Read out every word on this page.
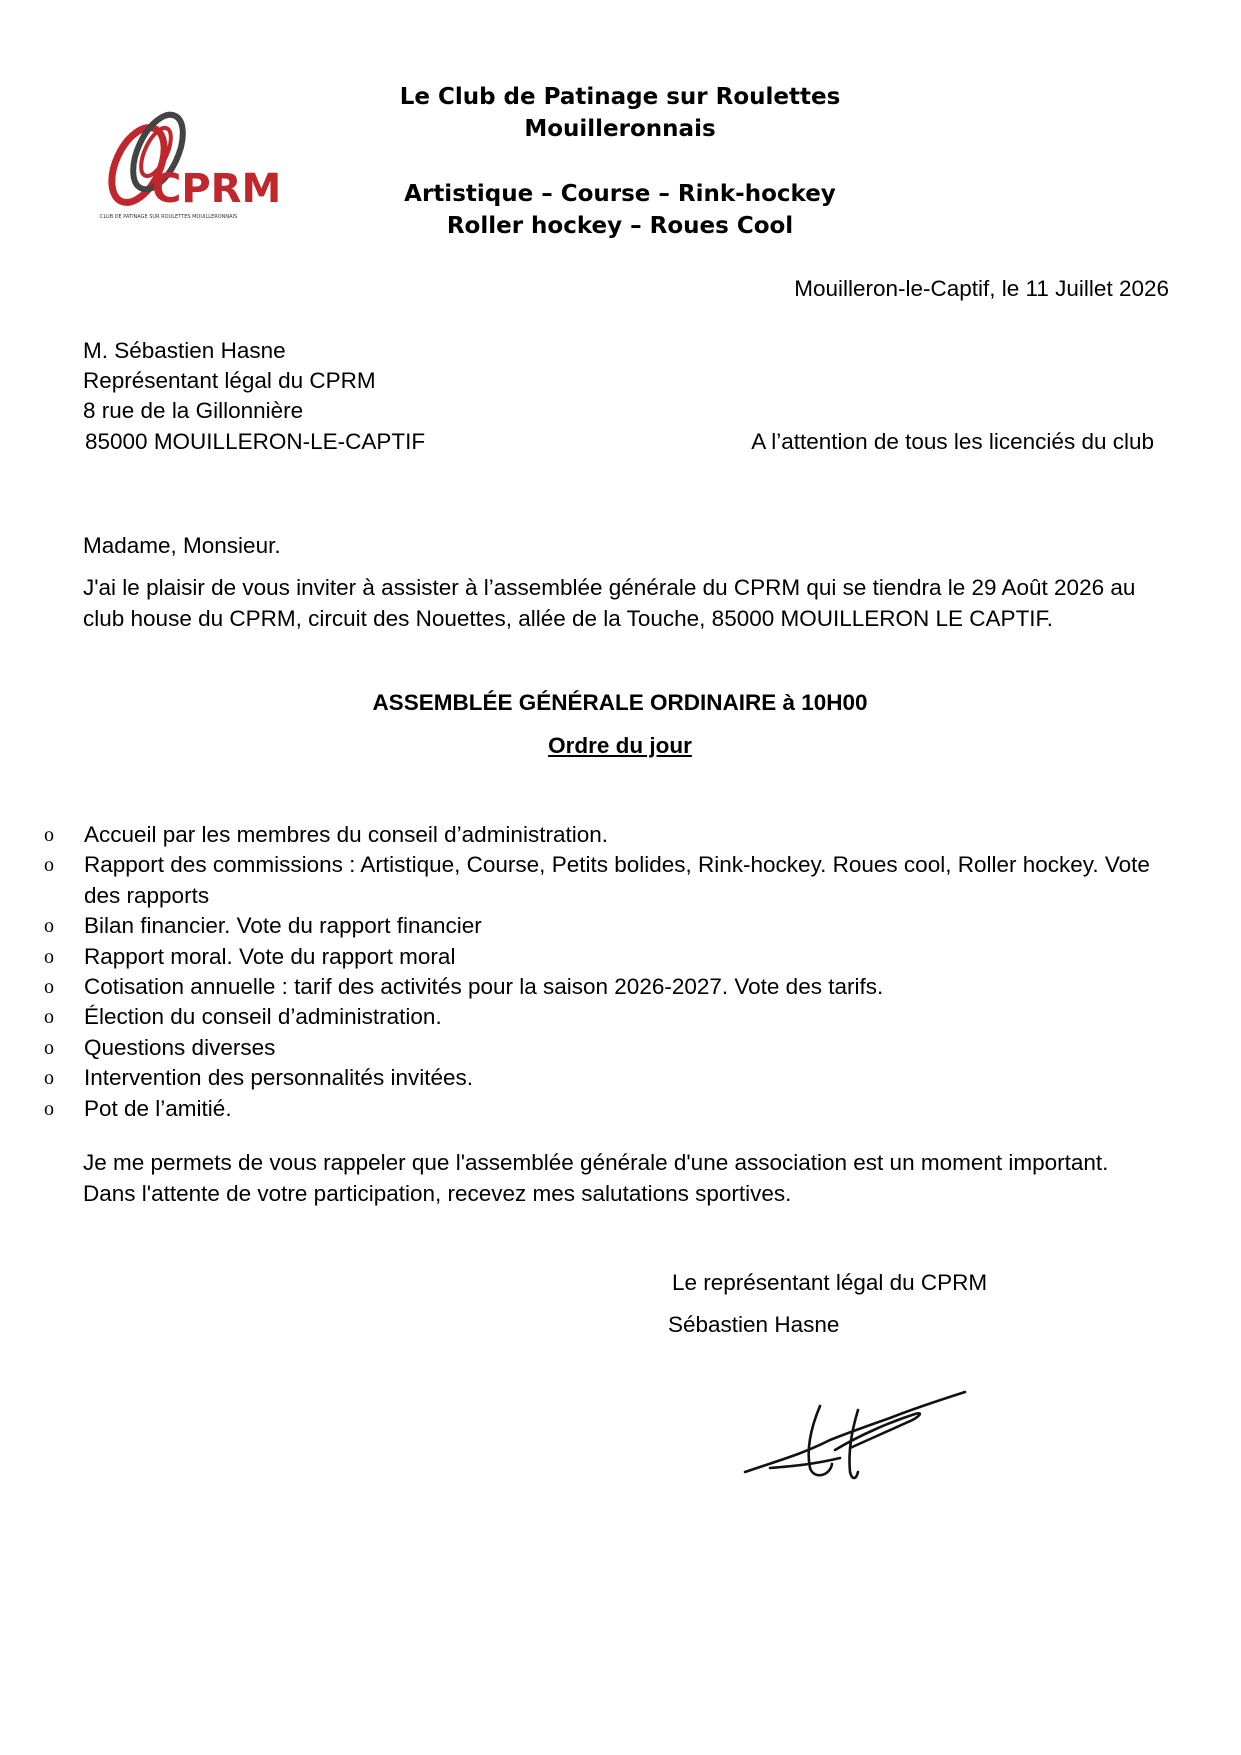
CPRM
CLUB DE PATINAGE SUR ROULETTES MOUILLERONNAIS
Le Club de Patinage sur Roulettes
Mouilleronnais
Artistique – Course – Rink-hockey
Roller hockey – Roues Cool
Mouilleron-le-Captif, le 11 Juillet 2026
M. Sébastien Hasne
Représentant légal du CPRM
8 rue de la Gillonnière
85000 MOUILLERON-LE-CAPTIF	A l’attention de tous les licenciés du club
Madame, Monsieur.
J'ai le plaisir de vous inviter à assister à l’assemblée générale du CPRM qui se tiendra le 29 Août 2026 au club house du CPRM, circuit des Nouettes, allée de la Touche, 85000 MOUILLERON LE CAPTIF.
ASSEMBLÉE GÉNÉRALE ORDINAIRE à 10H00
Ordre du jour
o Accueil par les membres du conseil d’administration.
o Rapport des commissions : Artistique, Course, Petits bolides, Rink-hockey. Roues cool, Roller hockey. Vote des rapports
o Bilan financier. Vote du rapport financier
o Rapport moral. Vote du rapport moral
o Cotisation annuelle : tarif des activités pour la saison 2026-2027. Vote des tarifs.
o Élection du conseil d’administration.
o Questions diverses
o Intervention des personnalités invitées.
o Pot de l’amitié.
Je me permets de vous rappeler que l'assemblée générale d'une association est un moment important.
Dans l'attente de votre participation, recevez mes salutations sportives.
Le représentant légal du CPRM
Sébastien Hasne
